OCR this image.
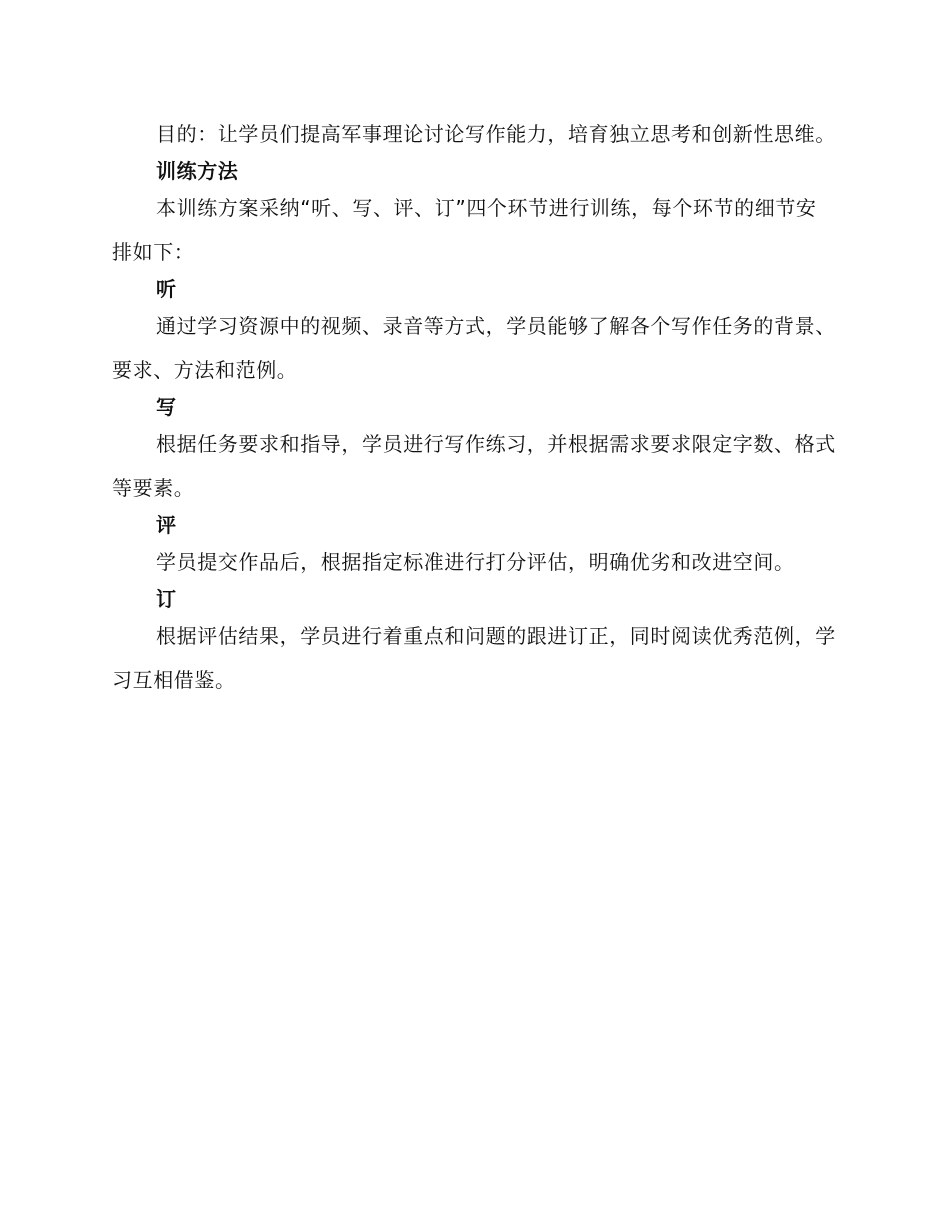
目的：让学员们提高军事理论讨论写作能力，培育独立思考和创新性思维。

训练方法

本训练方案采纳“听、写、评、订”四个环节进行训练，每个环节的细节安排如下：

听

通过学习资源中的视频、录音等方式，学员能够了解各个写作任务的背景、要求、方法和范例。

写

根据任务要求和指导，学员进行写作练习，并根据需求要求限定字数、格式等要素。

评

学员提交作品后，根据指定标准进行打分评估，明确优劣和改进空间。

订

根据评估结果，学员进行着重点和问题的跟进订正，同时阅读优秀范例，学习互相借鉴。
